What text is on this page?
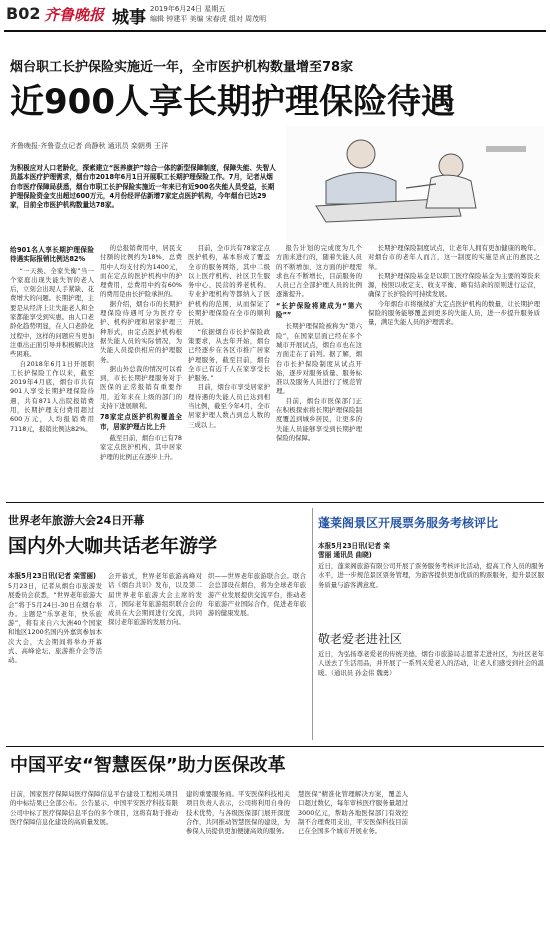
B02 齐鲁晚报 城事 2019年6月24日 星期五
编辑 钟建平 美编 宋春虎 组对 周茂明
烟台职工长护保险实施近一年，全市医护机构数量增至78家
近900人享长期护理保险待遇
齐鲁晚报·齐鲁壹点记者 尚静秋 通讯员 栾朝勇 王洋
为积极应对人口老龄化，探索建立“医养康护”综合一体的新型保障制度，保障失能、失智人员基本医疗护理需求，烟台市2018年6月1日开展职工长期护理保险工作。7月，记者从烟台市医疗保障局获悉，烟台市职工长护保险实施近一年来已有近900名失能人员受益，长期护理保险资金支出超过600万元，4月份经评估新增7家定点医护机构，今年烟台已达29家，目前全市医护机构数量达78家。
给901名人享长期护理保险待遇实际报销比例达82%

“一天换、全家失衡”当一个家庭出现失能失智的老人后，立刻会出现人手紧缺、花费增大的问题。长期护理，主要是从经济上让失能老人和全家都能享受到实惠。由人口老龄化趋势明显，在人口老龄化过程中，这样的问题应当更加注重出正面引导并积极解决这些困难。

自2018年6月1日开展职工长护保险工作以来，截至2019年4月底，烟台市共有901人享受长期护理保险待遇，共有871人出院报销费用，长期护理支付费用超过600万元，人均报销费用7118元，报销比例达82%。

的总报销费用中，居民支付额的比例约为18%，总费用中人均支付约为1400元，而在定点的医护机构中的护理费用，总费用中约有60%的费用是由长护险承担的。

据介绍，烟台市的长期护理保险待遇可分为医疗专护、机构护理和居家护理三种形式，由定点医护机构根据失能人员的实际情况，为失能人员提供相应的护理服务。

据山外总裁的情况可以看到，市长长期护理服务对于医保的正常报销有重要作用，近年来在上级的部门的支持下进展顺利。

78家定点医护机构覆盖全市，居家护理占比上升

截至目前，烟台市已有78家定点医护机构，其中居家护理的比例正在逐步上升。

目前，全市共有78家定点医护机构，基本形成了覆盖全市的服务网络，其中二级以上医疗机构、社区卫生服务中心、民营的养老机构、专业护理机构等都纳入了医护机构的范围，从而保证了长期护理保险在全市的顺利开展。

“依据烟台市长护保险政策要求，从去年开始，烟台已经逐步在各区市推广居家护理服务，截至目前，烟台全市已有近千人在家享受长护服务。”

目前，烟台市享受居家护理待遇的失能人员已达到相当比例，截至今年4月，全市居家护理人数占到总人数的三成以上。

报告计划的完成度为几个方面来进行的，随着失能人员的不断增加，这方面的护理需求也在不断增长，目前服务的人员已占全部护理人员的比例逐渐提升。

“长护保险将建成为“第六险””

长期护理保险被称为“第六险”，在国家层面已经在多个城市开展试点，烟台市也在这方面走在了前列。据了解，烟台市长护保险制度从试点开始，逐步对服务质量、服务标准以及服务人员进行了规范管理。

目前，烟台市医保部门正在积极探索将长期护理保险制度覆盖到城乡居民，让更多的失能人员能够享受到长期护理保险的保障。

长期护理保险制度试点，让老年人拥有更加健康的晚年。对烟台市的老年人而言，这一制度的实施是真正的惠民之举。

长期护理保险基金是以职工医疗保险基金为主要的筹资来源，按照以收定支、收支平衡、略有结余的原则进行运营，确保了长护险的可持续发展。

今年烟台市将继续扩大定点医护机构的数量，让长期护理保险的服务能够覆盖到更多的失能人员，进一步提升服务质量，满足失能人员的护理需求。

世界老年旅游大会24日开幕
国内外大咖共话老年游学
本报5月23日讯(记者 栾雪丽)
5月23日，记者从烟台市旅游发展委员会获悉，“世界老年旅游大会”将于5月24日-30日在烟台举办。主题是“乐享老年，快乐旅游”，将有来自六大洲40个国家和地区1200名国内外嘉宾参加本次大会，大会期间将举办开幕式、高峰论坛、旅游推介会等活动。
会开幕式，世界老年旅游高峰对话《烟台共识》发布，以及第二届世界老年旅游大会主席的发言，国际老年旅游组织联合会的成员在大会期间进行交流，共同探讨老年旅游的发展方向。
织——世界老年旅游联合会。联合会总部设在烟台，将为全球老年旅游产业发展提供交流平台，推动老年旅游产业国际合作，促进老年旅游的健康发展。
蓬莱阁景区开展票务服务考核评比
本报5月23日讯(记者 栾雪丽 通讯员 曲晓)
近日，蓬莱阁旅游有限公司开展了票务服务考核评比活动，提高工作人员的服务水平，进一步规范景区票务管理，为游客提供更加优质的购票服务，提升景区服务质量与游客满意度。
敬老爱老进社区
近日，为弘扬尊老爱老的传统美德，烟台市旅游局志愿者走进社区，为社区老年人送去了生活用品，并开展了一系列关爱老人的活动，让老人们感受到社会的温暖。（通讯员 孙金伟 魏勇）
中国平安“智慧医保”助力医保改革
日前，国家医疗保障局医疗保障信息平台建设工程相关项目的中标结果已全部公布。公告显示，中国平安医疗科技有限公司中标了医疗保障信息平台的多个项目，这将有助于推动医疗保障信息化建设的高质量发展。
建的重要服务商。平安医保科技相关项目负责人表示，公司将利用自身的技术优势，与各级医保部门展开深度合作，共同推动智慧医保的建设，为参保人员提供更加便捷高效的服务。
慧医保”精准化管理解决方案，覆盖人口超过数亿，每年审核医疗服务量超过3000亿元，帮助各地医保部门有效控制不合理费用支出，平安医保科技目前已在全国多个城市开展业务。
